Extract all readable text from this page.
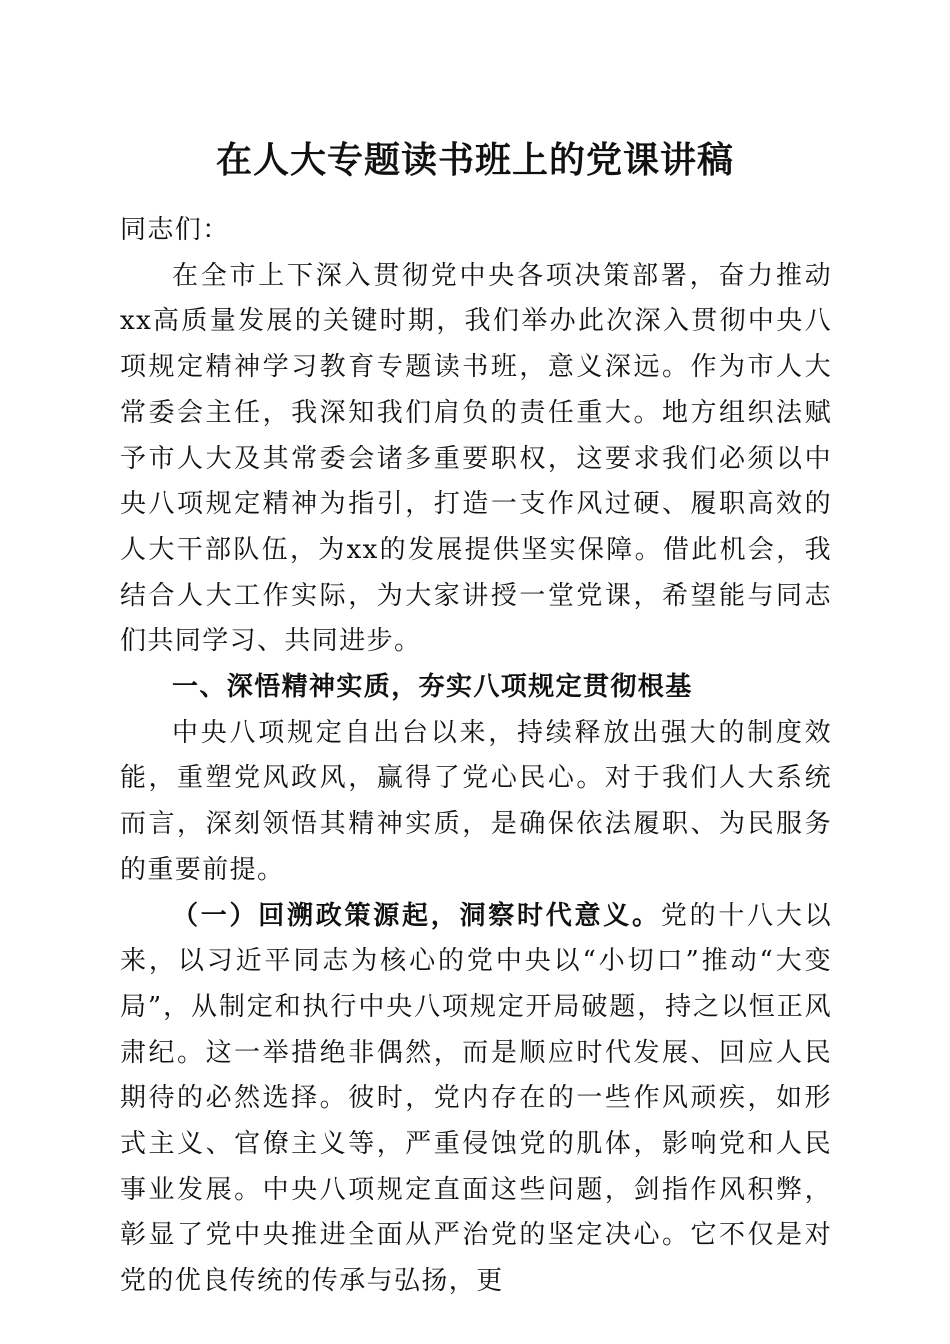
在人大专题读书班上的党课讲稿

同志们：

在全市上下深入贯彻党中央各项决策部署，奋力推动xx高质量发展的关键时期，我们举办此次深入贯彻中央八项规定精神学习教育专题读书班，意义深远。作为市人大常委会主任，我深知我们肩负的责任重大。地方组织法赋予市人大及其常委会诸多重要职权，这要求我们必须以中央八项规定精神为指引，打造一支作风过硬、履职高效的人大干部队伍，为xx的发展提供坚实保障。借此机会，我结合人大工作实际，为大家讲授一堂党课，希望能与同志们共同学习、共同进步。

一、深悟精神实质，夯实八项规定贯彻根基

中央八项规定自出台以来，持续释放出强大的制度效能，重塑党风政风，赢得了党心民心。对于我们人大系统而言，深刻领悟其精神实质，是确保依法履职、为民服务的重要前提。

（一）回溯政策源起，洞察时代意义。党的十八大以来，以习近平同志为核心的党中央以“小切口”推动“大变局”，从制定和执行中央八项规定开局破题，持之以恒正风肃纪。这一举措绝非偶然，而是顺应时代发展、回应人民期待的必然选择。彼时，党内存在的一些作风顽疾，如形式主义、官僚主义等，严重侵蚀党的肌体，影响党和人民事业发展。中央八项规定直面这些问题，剑指作风积弊，彰显了党中央推进全面从严治党的坚定决心。它不仅是对党的优良传统的传承与弘扬，更
